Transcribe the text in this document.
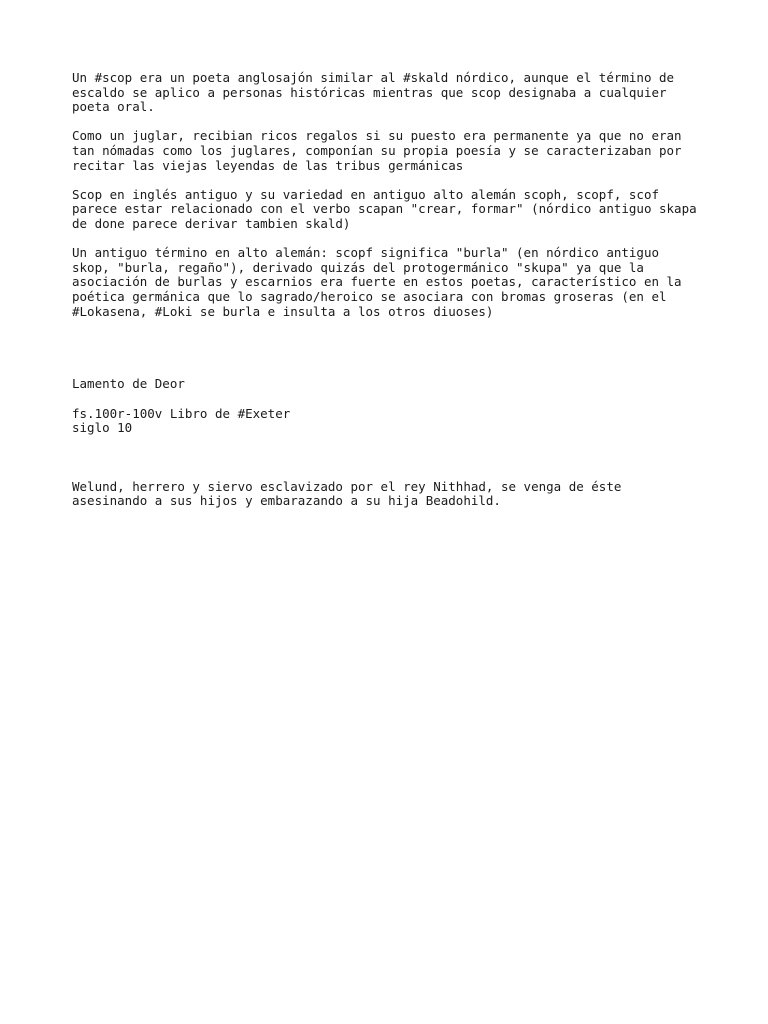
Un #scop era un poeta anglosajón similar al #skald nórdico, aunque el término de
escaldo se aplico a personas históricas mientras que scop designaba a cualquier
poeta oral.

Como un juglar, recibian ricos regalos si su puesto era permanente ya que no eran
tan nómadas como los juglares, componían su propia poesía y se caracterizaban por
recitar las viejas leyendas de las tribus germánicas

Scop en inglés antiguo y su variedad en antiguo alto alemán scoph, scopf, scof
parece estar relacionado con el verbo scapan "crear, formar" (nórdico antiguo skapa
de done parece derivar tambien skald)

Un antiguo término en alto alemán: scopf significa "burla" (en nórdico antiguo
skop, "burla, regaño"), derivado quizás del protogermánico "skupa" ya que la
asociación de burlas y escarnios era fuerte en estos poetas, característico en la
poética germánica que lo sagrado/heroico se asociara con bromas groseras (en el
#Lokasena, #Loki se burla e insulta a los otros diuoses)

Lamento de Deor

fs.100r-100v Libro de #Exeter
siglo 10

Welund, herrero y siervo esclavizado por el rey Nithhad, se venga de éste
asesinando a sus hijos y embarazando a su hija Beadohild.
